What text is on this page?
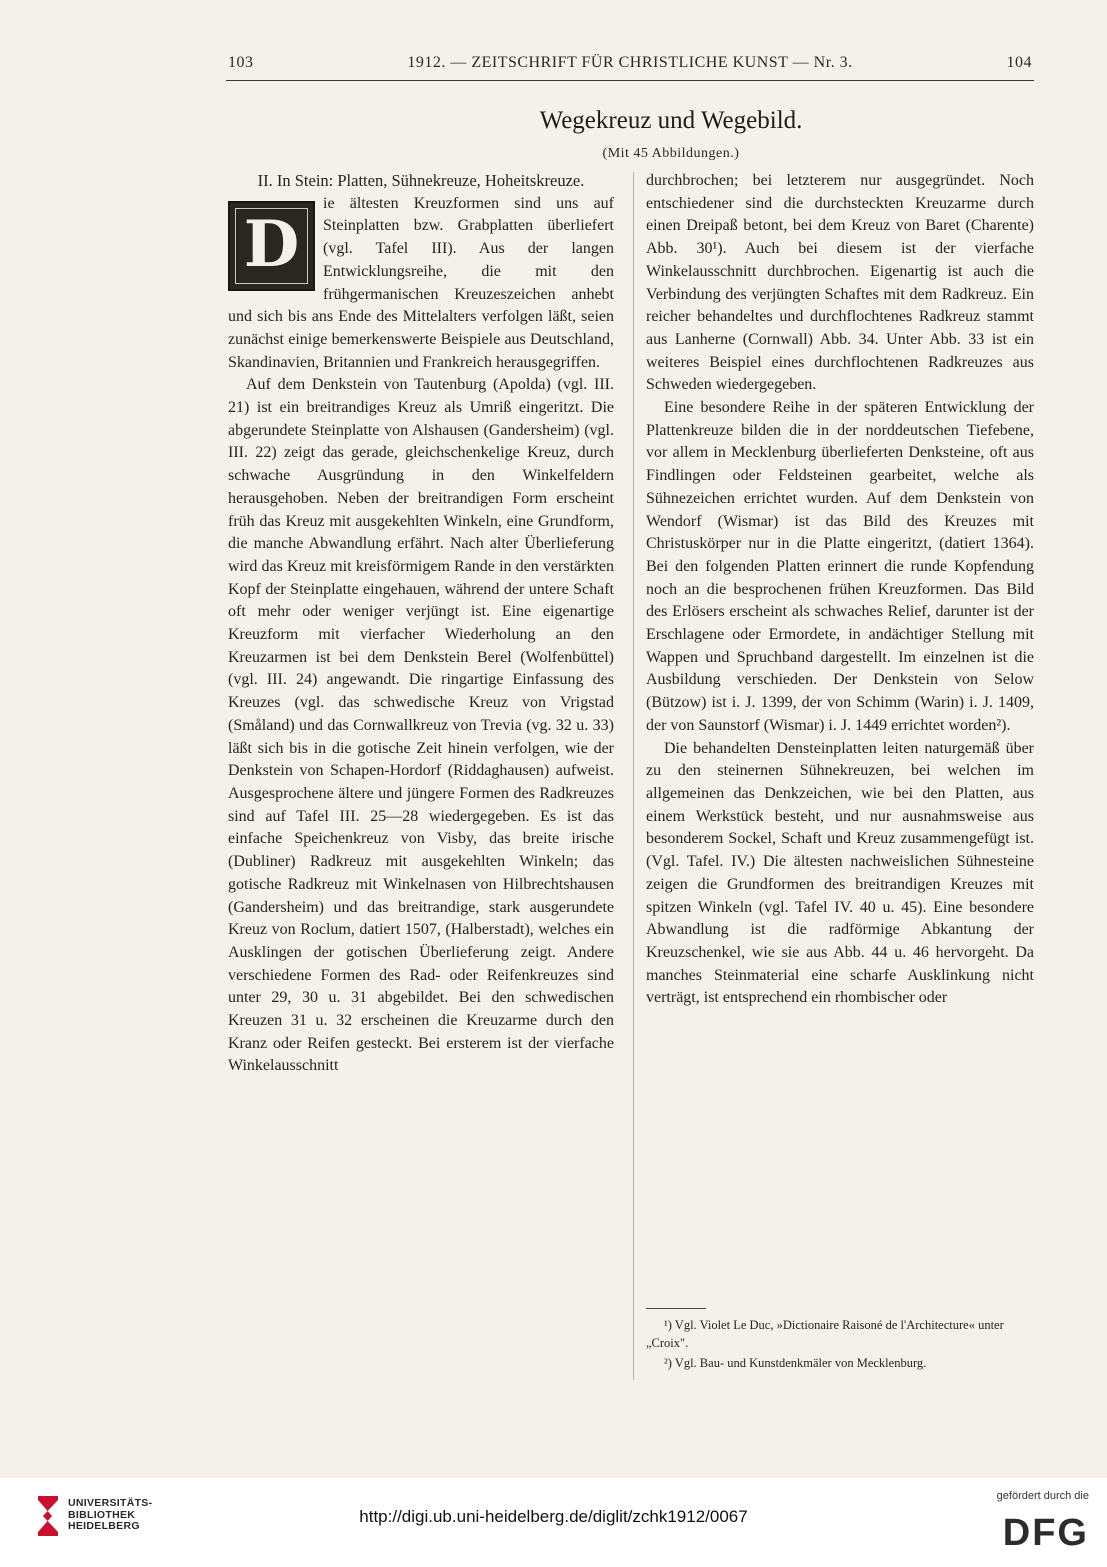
103	1912. — ZEITSCHRIFT FÜR CHRISTLICHE KUNST — Nr. 3.	104
Wegekreuz und Wegebild.
(Mit 45 Abbildungen.)

II. In Stein: Platten, Sühnekreuze, Hoheitskreuze.

D

ie ältesten Kreuzformen sind uns auf Steinplatten bzw. Grabplatten überliefert (vgl. Tafel III). Aus der langen Entwicklungsreihe, die mit den frühgermanischen Kreuzeszeichen anhebt und sich bis ans Ende des Mittelalters verfolgen läßt, seien zunächst einige bemerkenswerte Beispiele aus Deutschland, Skandinavien, Britannien und Frankreich herausgegriffen.

Auf dem Denkstein von Tautenburg (Apolda) (vgl. III. 21) ist ein breitrandiges Kreuz als Umriß eingeritzt. Die abgerundete Steinplatte von Alshausen (Gandersheim) (vgl. III. 22) zeigt das gerade, gleichschenkelige Kreuz, durch schwache Ausgründung in den Winkelfeldern herausgehoben. Neben der breitrandigen Form erscheint früh das Kreuz mit ausgekehlten Winkeln, eine Grundform, die manche Abwandlung erfährt. Nach alter Überlieferung wird das Kreuz mit kreisförmigem Rande in den verstärkten Kopf der Steinplatte eingehauen, während der untere Schaft oft mehr oder weniger verjüngt ist. Eine eigenartige Kreuzform mit vierfacher Wiederholung an den Kreuzarmen ist bei dem Denkstein Berel (Wolfenbüttel) (vgl. III. 24) angewandt. Die ringartige Einfassung des Kreuzes (vgl. das schwedische Kreuz von Vrigstad (Småland) und das Cornwallkreuz von Trevia (vg. 32 u. 33) läßt sich bis in die gotische Zeit hinein verfolgen, wie der Denkstein von Schapen-Hordorf (Riddaghausen) aufweist. Ausgesprochene ältere und jüngere Formen des Radkreuzes sind auf Tafel III. 25—28 wiedergegeben. Es ist das einfache Speichenkreuz von Visby, das breite irische (Dubliner) Radkreuz mit ausgekehlten Winkeln; das gotische Radkreuz mit Winkelnasen von Hilbrechtshausen (Gandersheim) und das breitrandige, stark ausgerundete Kreuz von Roclum, datiert 1507, (Halberstadt), welches ein Ausklingen der gotischen Überlieferung zeigt. Andere verschiedene Formen des Rad- oder Reifenkreuzes sind unter 29, 30 u. 31 abgebildet. Bei den schwedischen Kreuzen 31 u. 32 erscheinen die Kreuzarme durch den Kranz oder Reifen gesteckt. Bei ersterem ist der vierfache Winkelausschnitt

durchbrochen; bei letzterem nur ausgegründet. Noch entschiedener sind die durchsteckten Kreuzarme durch einen Dreipaß betont, bei dem Kreuz von Baret (Charente) Abb. 30¹). Auch bei diesem ist der vierfache Winkelausschnitt durchbrochen. Eigenartig ist auch die Verbindung des verjüngten Schaftes mit dem Radkreuz. Ein reicher behandeltes und durchflochtenes Radkreuz stammt aus Lanherne (Cornwall) Abb. 34. Unter Abb. 33 ist ein weiteres Beispiel eines durchflochtenen Radkreuzes aus Schweden wiedergegeben.

Eine besondere Reihe in der späteren Entwicklung der Plattenkreuze bilden die in der norddeutschen Tiefebene, vor allem in Mecklenburg überlieferten Denksteine, oft aus Findlingen oder Feldsteinen gearbeitet, welche als Sühnezeichen errichtet wurden. Auf dem Denkstein von Wendorf (Wismar) ist das Bild des Kreuzes mit Christuskörper nur in die Platte eingeritzt, (datiert 1364). Bei den folgenden Platten erinnert die runde Kopfendung noch an die besprochenen frühen Kreuzformen. Das Bild des Erlösers erscheint als schwaches Relief, darunter ist der Erschlagene oder Ermordete, in andächtiger Stellung mit Wappen und Spruchband dargestellt. Im einzelnen ist die Ausbildung verschieden. Der Denkstein von Selow (Bützow) ist i. J. 1399, der von Schimm (Warin) i. J. 1409, der von Saunstorf (Wismar) i. J. 1449 errichtet worden²).

Die behandelten Densteinplatten leiten naturgemäß über zu den steinernen Sühnekreuzen, bei welchen im allgemeinen das Denkzeichen, wie bei den Platten, aus einem Werkstück besteht, und nur ausnahmsweise aus besonderem Sockel, Schaft und Kreuz zusammengefügt ist. (Vgl. Tafel. IV.) Die ältesten nachweislichen Sühnesteine zeigen die Grundformen des breitrandigen Kreuzes mit spitzen Winkeln (vgl. Tafel IV. 40 u. 45). Eine besondere Abwandlung ist die radförmige Abkantung der Kreuzschenkel, wie sie aus Abb. 44 u. 46 hervorgeht. Da manches Steinmaterial eine scharfe Ausklinkung nicht verträgt, ist entsprechend ein rhombischer oder

¹) Vgl. Violet Le Duc, »Dictionaire Raisoné de l'Architecture« unter „Croix".
²) Vgl. Bau- und Kunstdenkmäler von Mecklenburg.
UNIVERSITÄTS-
BIBLIOTHEK
HEIDELBERG	http://digi.ub.uni-heidelberg.de/diglit/zchk1912/0067
gefördert durch die
DFG
